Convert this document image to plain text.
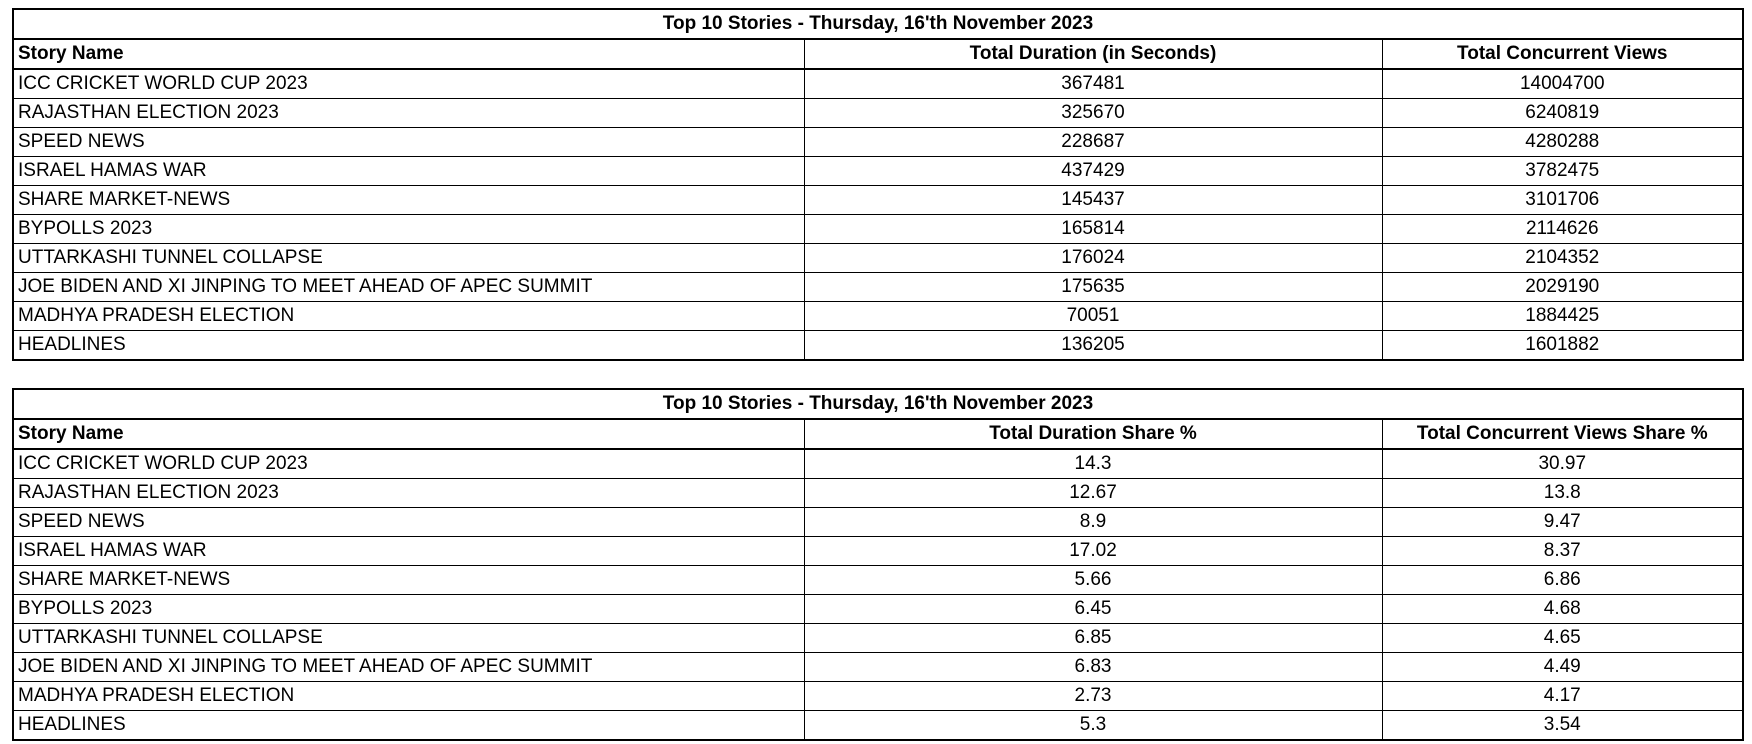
Top 10 Stories - Thursday, 16'th November 2023		
Story Name	Total Duration (in Seconds)	Total Concurrent Views
ICC CRICKET WORLD CUP 2023	367481	14004700
RAJASTHAN ELECTION 2023	325670	6240819
SPEED NEWS	228687	4280288
ISRAEL HAMAS WAR	437429	3782475
SHARE MARKET-NEWS	145437	3101706
BYPOLLS 2023	165814	2114626
UTTARKASHI TUNNEL COLLAPSE	176024	2104352
JOE BIDEN AND XI JINPING TO MEET AHEAD OF APEC SUMMIT	175635	2029190
MADHYA PRADESH ELECTION	70051	1884425
HEADLINES	136205	1601882
Top 10 Stories - Thursday, 16'th November 2023		
Story Name	Total Duration Share %	Total Concurrent Views Share %
ICC CRICKET WORLD CUP 2023	14.3	30.97
RAJASTHAN ELECTION 2023	12.67	13.8
SPEED NEWS	8.9	9.47
ISRAEL HAMAS WAR	17.02	8.37
SHARE MARKET-NEWS	5.66	6.86
BYPOLLS 2023	6.45	4.68
UTTARKASHI TUNNEL COLLAPSE	6.85	4.65
JOE BIDEN AND XI JINPING TO MEET AHEAD OF APEC SUMMIT	6.83	4.49
MADHYA PRADESH ELECTION	2.73	4.17
HEADLINES	5.3	3.54
